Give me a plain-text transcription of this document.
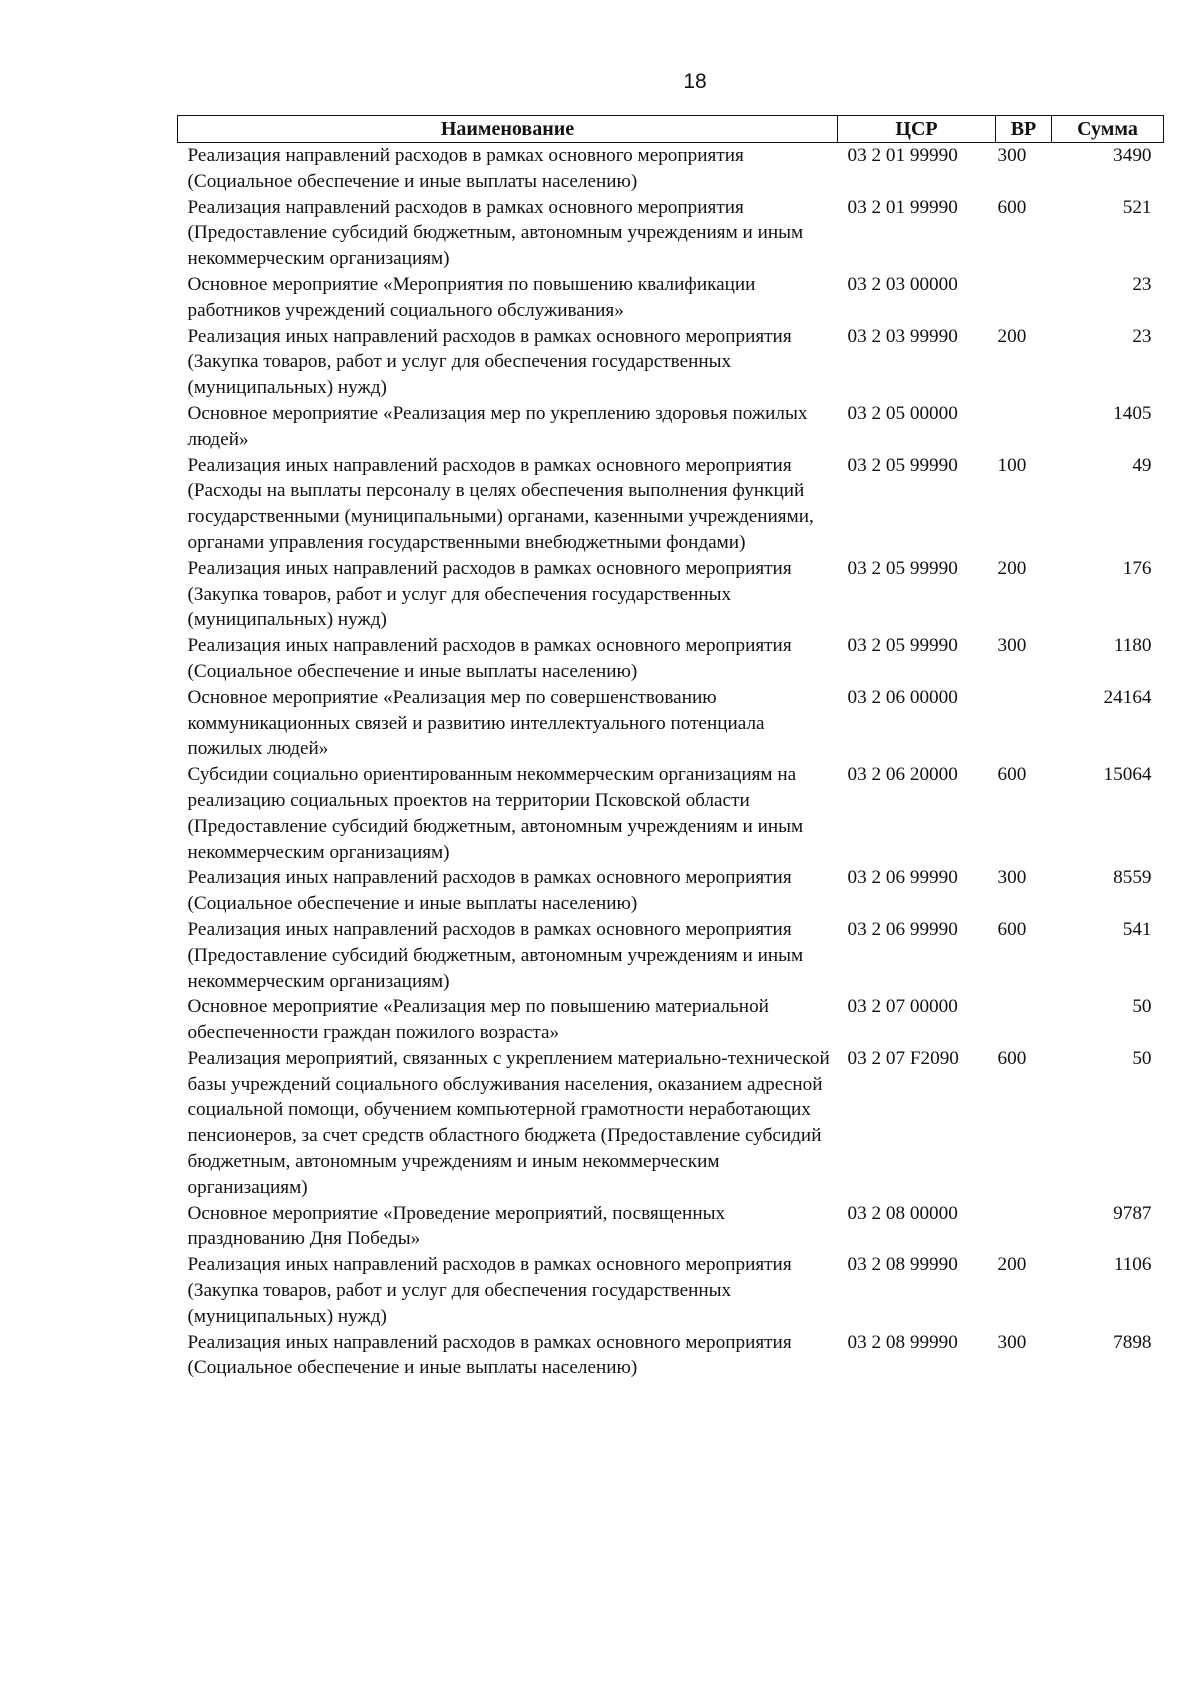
18
Наименование	ЦСР	ВР	Сумма
Реализация направлений расходов в рамках основного мероприятия (Социальное обеспечение и иные выплаты населению)	03 2 01 99990	300	3490
Реализация направлений расходов в рамках основного мероприятия (Предоставление субсидий бюджетным, автономным учреждениям и иным некоммерческим организациям)	03 2 01 99990	600	521
Основное мероприятие «Мероприятия по повышению квалификации работников учреждений социального обслуживания»	03 2 03 00000		23
Реализация иных направлений расходов в рамках основного мероприятия (Закупка товаров, работ и услуг для обеспечения государственных (муниципальных) нужд)	03 2 03 99990	200	23
Основное мероприятие «Реализация мер по укреплению здоровья пожилых людей»	03 2 05 00000		1405
Реализация иных направлений расходов в рамках основного мероприятия (Расходы на выплаты персоналу в целях обеспечения выполнения функций государственными (муниципальными) органами, казенными учреждениями, органами управления государственными внебюджетными фондами)	03 2 05 99990	100	49
Реализация иных направлений расходов в рамках основного мероприятия (Закупка товаров, работ и услуг для обеспечения государственных (муниципальных) нужд)	03 2 05 99990	200	176
Реализация иных направлений расходов в рамках основного мероприятия (Социальное обеспечение и иные выплаты населению)	03 2 05 99990	300	1180
Основное мероприятие «Реализация мер по совершенствованию коммуникационных связей и развитию интеллектуального потенциала пожилых людей»	03 2 06 00000		24164
Субсидии социально ориентированным некоммерческим организациям на реализацию социальных проектов на территории Псковской области (Предоставление субсидий бюджетным, автономным учреждениям и иным некоммерческим организациям)	03 2 06 20000	600	15064
Реализация иных направлений расходов в рамках основного мероприятия (Социальное обеспечение и иные выплаты населению)	03 2 06 99990	300	8559
Реализация иных направлений расходов в рамках основного мероприятия (Предоставление субсидий бюджетным, автономным учреждениям и иным некоммерческим организациям)	03 2 06 99990	600	541
Основное мероприятие «Реализация мер по повышению материальной обеспеченности граждан пожилого возраста»	03 2 07 00000		50
Реализация мероприятий, связанных с укреплением материально-технической базы учреждений социального обслуживания населения, оказанием адресной социальной помощи, обучением компьютерной грамотности неработающих пенсионеров, за счет средств областного бюджета (Предоставление субсидий бюджетным, автономным учреждениям и иным некоммерческим организациям)	03 2 07 F2090	600	50
Основное мероприятие «Проведение мероприятий, посвященных празднованию Дня Победы»	03 2 08 00000		9787
Реализация иных направлений расходов в рамках основного мероприятия (Закупка товаров, работ и услуг для обеспечения государственных (муниципальных) нужд)	03 2 08 99990	200	1106
Реализация иных направлений расходов в рамках основного мероприятия (Социальное обеспечение и иные выплаты населению)	03 2 08 99990	300	7898
